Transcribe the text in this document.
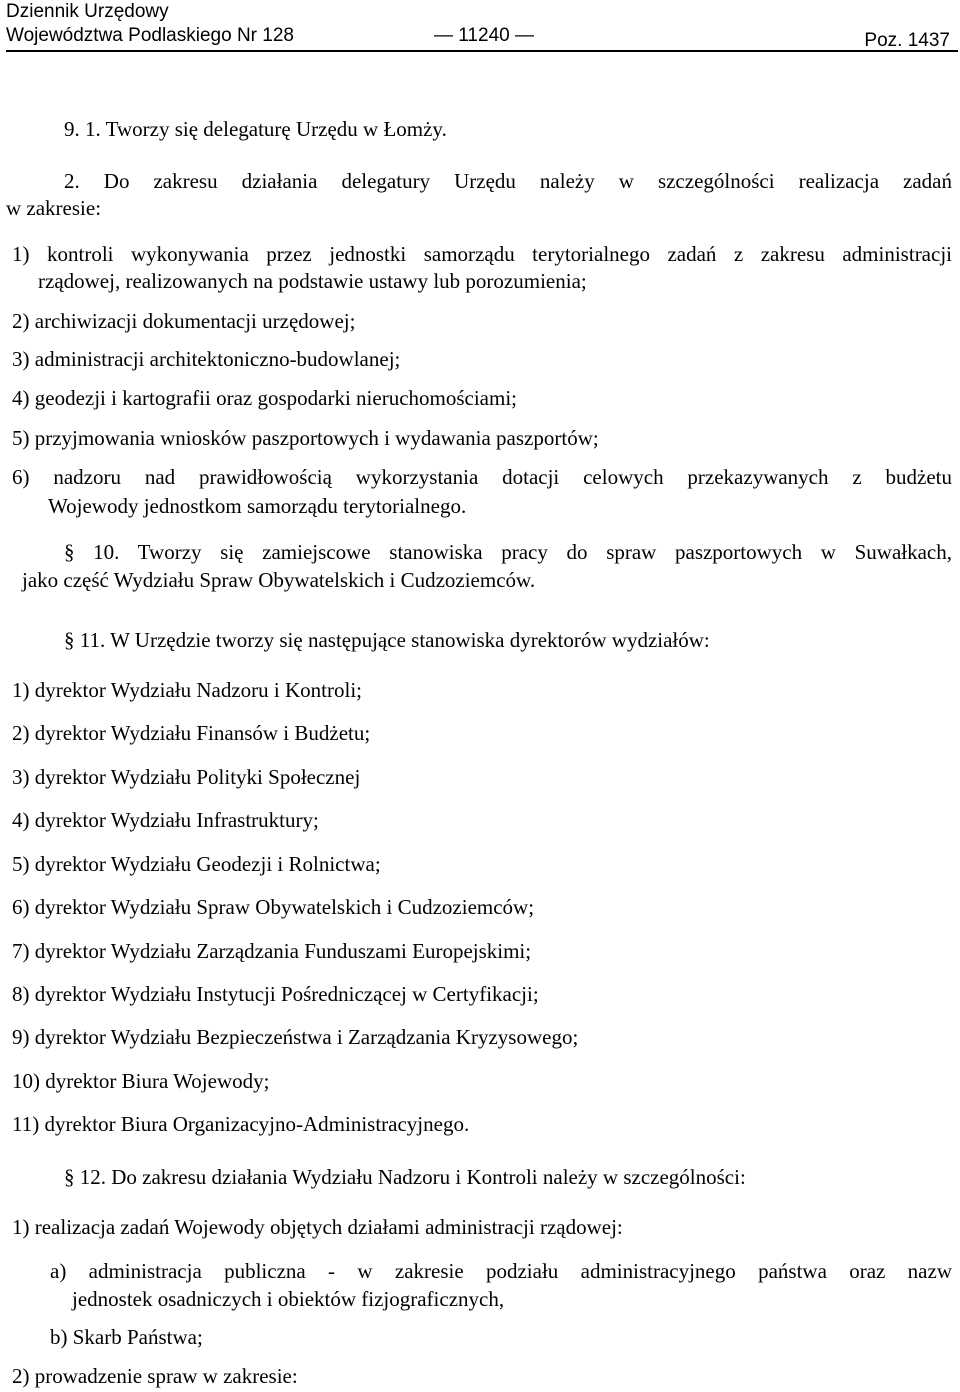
Dziennik Urzędowy
Województwa Podlaskiego Nr 128	— 11240 —	Poz. 1437

9. 1. Tworzy się delegaturę Urzędu w Łomży.

2. Do zakresu działania delegatury Urzędu należy w szczególności realizacja zadań

w zakresie:

1) kontroli wykonywania przez jednostki samorządu terytorialnego zadań z zakresu administracji

rządowej, realizowanych na podstawie ustawy lub porozumienia;

2) archiwizacji dokumentacji urzędowej;

3) administracji architektoniczno-budowlanej;

4) geodezji i kartografii oraz gospodarki nieruchomościami;

5) przyjmowania wniosków paszportowych i wydawania paszportów;

6) nadzoru nad prawidłowością wykorzystania dotacji celowych przekazywanych z budżetu

Wojewody jednostkom samorządu terytorialnego.

§ 10. Tworzy się zamiejscowe stanowiska pracy do spraw paszportowych w Suwałkach,

jako część Wydziału Spraw Obywatelskich i Cudzoziemców.

§ 11. W Urzędzie tworzy się następujące stanowiska dyrektorów wydziałów:

1) dyrektor Wydziału Nadzoru i Kontroli;

2) dyrektor Wydziału Finansów i Budżetu;

3) dyrektor Wydziału Polityki Społecznej

4) dyrektor Wydziału Infrastruktury;

5) dyrektor Wydziału Geodezji i Rolnictwa;

6) dyrektor Wydziału Spraw Obywatelskich i Cudzoziemców;

7) dyrektor Wydziału Zarządzania Funduszami Europejskimi;

8) dyrektor Wydziału Instytucji Pośredniczącej w Certyfikacji;

9) dyrektor Wydziału Bezpieczeństwa i Zarządzania Kryzysowego;

10) dyrektor Biura Wojewody;

11) dyrektor Biura Organizacyjno-Administracyjnego.

§ 12. Do zakresu działania Wydziału Nadzoru i Kontroli należy w szczególności:

1) realizacja zadań Wojewody objętych działami administracji rządowej:

a) administracja publiczna - w zakresie podziału administracyjnego państwa oraz nazw

jednostek osadniczych i obiektów fizjograficznych,

b) Skarb Państwa;

2) prowadzenie spraw w zakresie:
